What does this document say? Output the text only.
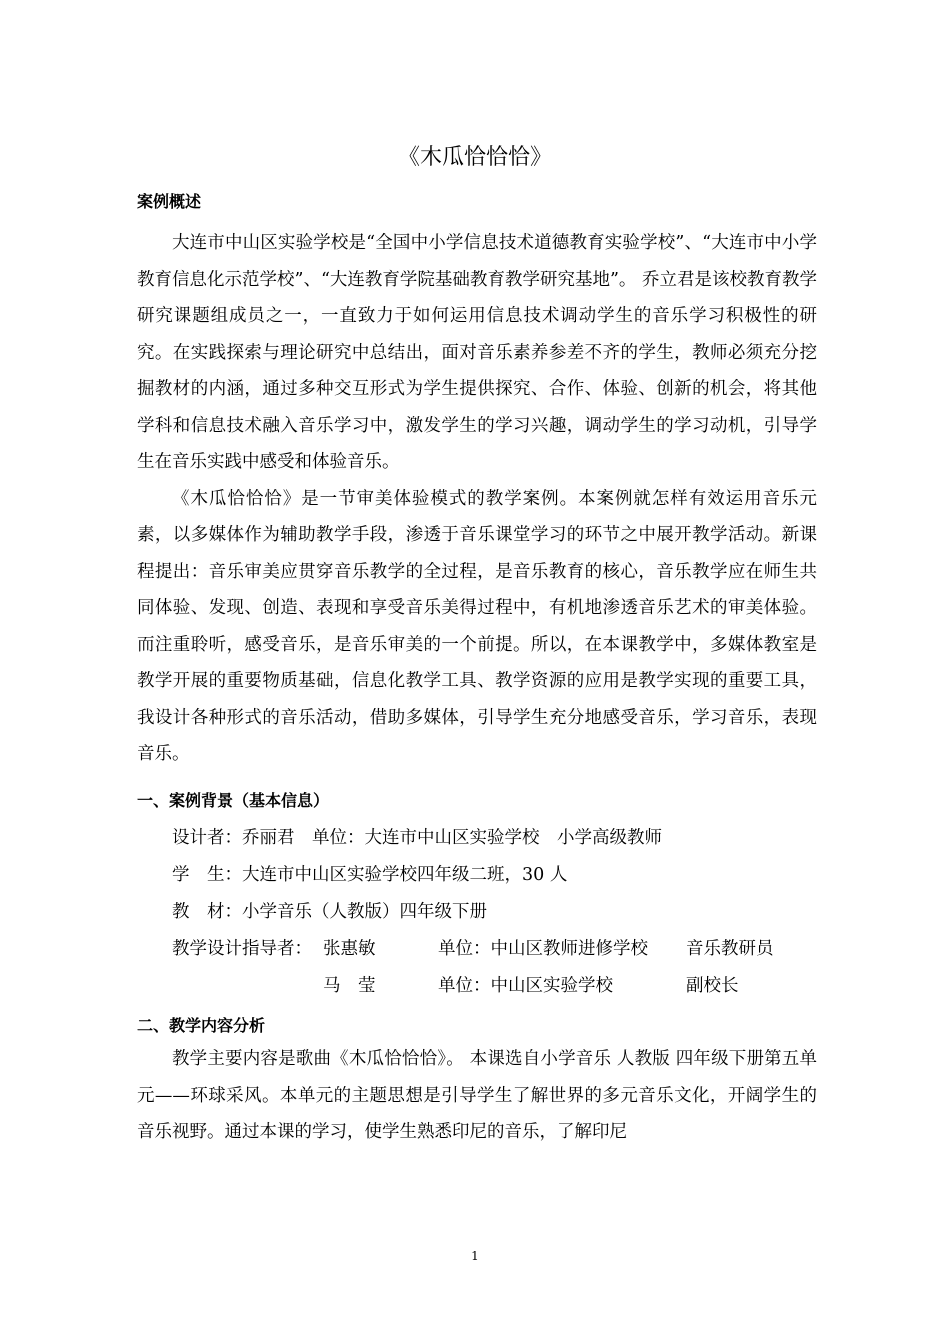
《木瓜恰恰恰》
案例概述

大连市中山区实验学校是“全国中小学信息技术道德教育实验学校”、“大连市中小学教育信息化示范学校”、“大连教育学院基础教育教学研究基地”。 乔立君是该校教育教学研究课题组成员之一，一直致力于如何运用信息技术调动学生的音乐学习积极性的研究。在实践探索与理论研究中总结出，面对音乐素养参差不齐的学生，教师必须充分挖掘教材的内涵，通过多种交互形式为学生提供探究、合作、体验、创新的机会，将其他学科和信息技术融入音乐学习中，激发学生的学习兴趣，调动学生的学习动机，引导学生在音乐实践中感受和体验音乐。

《木瓜恰恰恰》是一节审美体验模式的教学案例。本案例就怎样有效运用音乐元素，以多媒体作为辅助教学手段，渗透于音乐课堂学习的环节之中展开教学活动。新课程提出：音乐审美应贯穿音乐教学的全过程，是音乐教育的核心，音乐教学应在师生共同体验、发现、创造、表现和享受音乐美得过程中，有机地渗透音乐艺术的审美体验。而注重聆听，感受音乐，是音乐审美的一个前提。所以，在本课教学中，多媒体教室是教学开展的重要物质基础，信息化教学工具、教学资源的应用是教学实现的重要工具，我设计各种形式的音乐活动，借助多媒体，引导学生充分地感受音乐，学习音乐，表现音乐。

一、案例背景（基本信息）
设计者：乔丽君　单位：大连市中山区实验学校　小学高级教师
学　生：大连市中山区实验学校四年级二班，30 人
教　材：小学音乐（人教版）四年级下册
教学设计指导者： 张惠敏	单位：中山区教师进修学校 音乐教研员
马　莹	单位：中山区实验学校	副校长
二、教学内容分析

教学主要内容是歌曲《木瓜恰恰恰》。 本课选自小学音乐 人教版 四年级下册第五单元——环球采风。本单元的主题思想是引导学生了解世界的多元音乐文化，开阔学生的音乐视野。通过本课的学习，使学生熟悉印尼的音乐，了解印尼

1
